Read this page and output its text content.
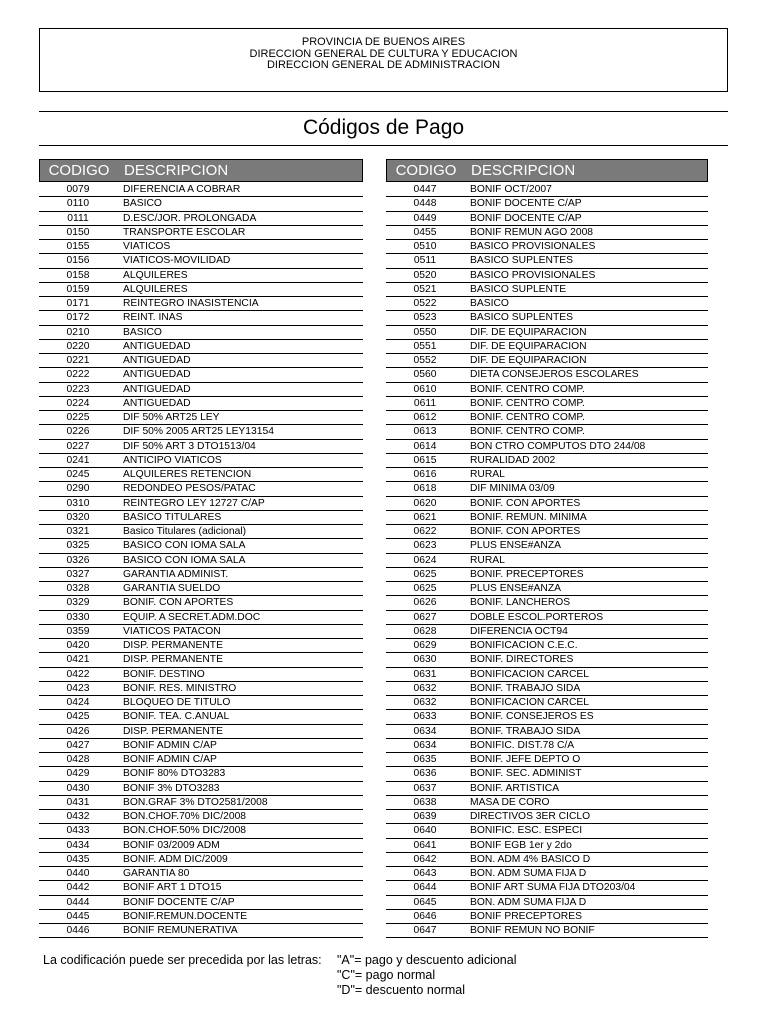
PROVINCIA DE BUENOS AIRES
DIRECCION GENERAL DE CULTURA Y EDUCACION
DIRECCION GENERAL DE ADMINISTRACION
Códigos de Pago
CODIGO DESCRIPCION
0079	DIFERENCIA A COBRAR
0110	BASICO
0111	D.ESC/JOR. PROLONGADA
0150	TRANSPORTE ESCOLAR
0155	VIATICOS
0156	VIATICOS-MOVILIDAD
0158	ALQUILERES
0159	ALQUILERES
0171	REINTEGRO INASISTENCIA
0172	REINT. INAS
0210	BASICO
0220	ANTIGUEDAD
0221	ANTIGUEDAD
0222	ANTIGUEDAD
0223	ANTIGUEDAD
0224	ANTIGUEDAD
0225	DIF 50% ART25 LEY
0226	DIF 50% 2005 ART25 LEY13154
0227	DIF 50% ART 3 DTO1513/04
0241	ANTICIPO VIATICOS
0245	ALQUILERES RETENCION
0290	REDONDEO PESOS/PATAC
0310	REINTEGRO LEY 12727 C/AP
0320	BASICO TITULARES
0321	Basico Titulares (adicional)
0325	BASICO CON IOMA SALA
0326	BASICO CON IOMA SALA
0327	GARANTIA ADMINIST.
0328	GARANTIA SUELDO
0329	BONIF. CON APORTES
0330	EQUIP. A SECRET.ADM.DOC
0359	VIATICOS PATACON
0420	DISP. PERMANENTE
0421	DISP. PERMANENTE
0422	BONIF. DESTINO
0423	BONIF. RES. MINISTRO
0424	BLOQUEO DE TITULO
0425	BONIF. TEA. C.ANUAL
0426	DISP. PERMANENTE
0427	BONIF ADMIN C/AP
0428	BONIF ADMIN C/AP
0429	BONIF 80% DTO3283
0430	BONIF 3% DTO3283
0431	BON.GRAF 3% DTO2581/2008
0432	BON.CHOF.70% DIC/2008
0433	BON.CHOF.50% DIC/2008
0434	BONIF 03/2009 ADM
0435	BONIF. ADM DIC/2009
0440	GARANTIA 80
0442	BONIF ART 1 DTO15
0444	BONIF DOCENTE C/AP
0445	BONIF.REMUN.DOCENTE
0446	BONIF REMUNERATIVA
CODIGO DESCRIPCION
0447	BONIF OCT/2007
0448	BONIF DOCENTE C/AP
0449	BONIF DOCENTE C/AP
0455	BONIF REMUN AGO 2008
0510	BASICO PROVISIONALES
0511	BASICO SUPLENTES
0520	BASICO PROVISIONALES
0521	BASICO SUPLENTE
0522	BASICO
0523	BASICO SUPLENTES
0550	DIF. DE EQUIPARACION
0551	DIF. DE EQUIPARACION
0552	DIF. DE EQUIPARACION
0560	DIETA CONSEJEROS ESCOLARES
0610	BONIF. CENTRO COMP.
0611	BONIF. CENTRO COMP.
0612	BONIF. CENTRO COMP.
0613	BONIF. CENTRO COMP.
0614	BON CTRO COMPUTOS DTO 244/08
0615	RURALIDAD 2002
0616	RURAL
0618	DIF MINIMA 03/09
0620	BONIF. CON APORTES
0621	BONIF. REMUN. MINIMA
0622	BONIF. CON APORTES
0623	PLUS ENSE#ANZA
0624	RURAL
0625	BONIF. PRECEPTORES
0625	PLUS ENSE#ANZA
0626	BONIF. LANCHEROS
0627	DOBLE ESCOL.PORTEROS
0628	DIFERENCIA OCT94
0629	BONIFICACION C.E.C.
0630	BONIF. DIRECTORES
0631	BONIFICACION CARCEL
0632	BONIF. TRABAJO SIDA
0632	BONIFICACION CARCEL
0633	BONIF. CONSEJEROS ES
0634	BONIF. TRABAJO SIDA
0634	BONIFIC. DIST.78 C/A
0635	BONIF. JEFE DEPTO O
0636	BONIF. SEC. ADMINIST
0637	BONIF. ARTISTICA
0638	MASA DE CORO
0639	DIRECTIVOS 3ER CICLO
0640	BONIFIC. ESC. ESPECI
0641	BONIF EGB 1er y 2do
0642	BON. ADM 4% BASICO D
0643	BON. ADM SUMA FIJA D
0644	BONIF ART SUMA FIJA DTO203/04
0645	BON. ADM SUMA FIJA D
0646	BONIF PRECEPTORES
0647	BONIF REMUN NO BONIF
La codificación puede ser precedida por las letras: "A"= pago y descuento adicional
"C"= pago normal
"D"= descuento normal
